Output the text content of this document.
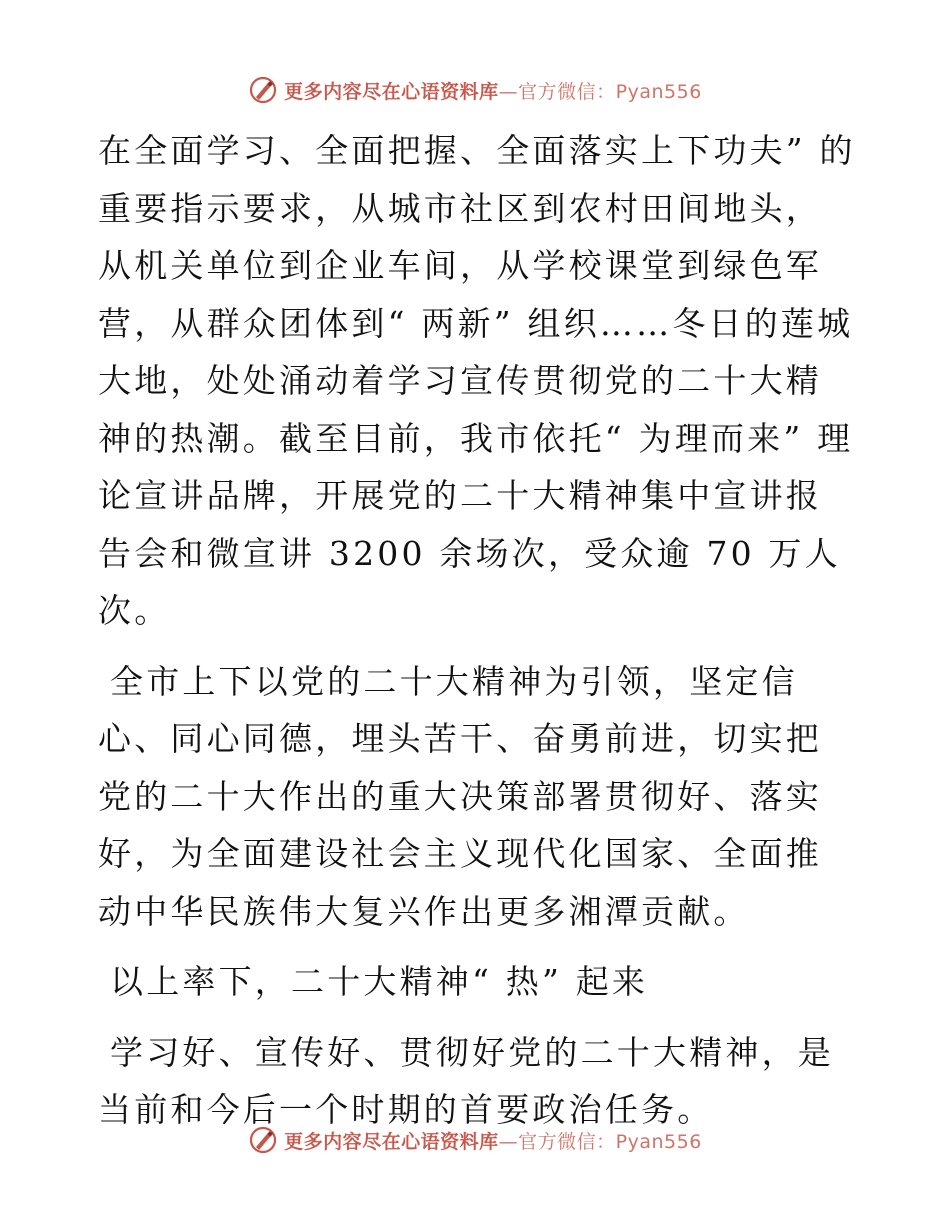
更多内容尽在心语资料库—官方微信：Pyan556

在全面学习、全面把握、全面落实上下功夫” 的重要指示要求，从城市社区到农村田间地头，从机关单位到企业车间，从学校课堂到绿色军营，从群众团体到“ 两新” 组织……冬日的莲城大地，处处涌动着学习宣传贯彻党的二十大精神的热潮。截至目前，我市依托“ 为理而来” 理论宣讲品牌，开展党的二十大精神集中宣讲报告会和微宣讲 3200 余场次，受众逾 70 万人次。

全市上下以党的二十大精神为引领，坚定信心、同心同德，埋头苦干、奋勇前进，切实把党的二十大作出的重大决策部署贯彻好、落实好，为全面建设社会主义现代化国家、全面推动中华民族伟大复兴作出更多湘潭贡献。

以上率下，二十大精神“ 热” 起来

学习好、宣传好、贯彻好党的二十大精神，是当前和今后一个时期的首要政治任务。

更多内容尽在心语资料库—官方微信：Pyan556
